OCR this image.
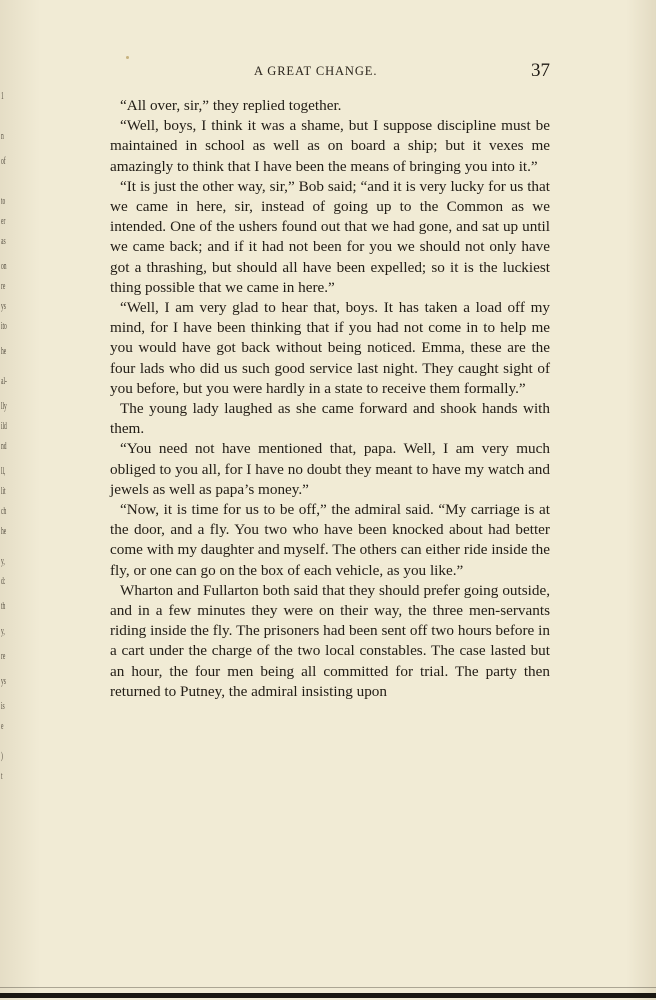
1
n
of
to
er
as
on
re
ys
ito
he
al-
lly
ild
nd
ll,
lit
ch
he
y,
d:
th
y,
re
ys
is
e
)
t
A GREAT CHANGE.	37

“All over, sir,” they replied together.

“Well, boys, I think it was a shame, but I suppose discipline must be maintained in school as well as on board a ship; but it vexes me amazingly to think that I have been the means of bringing you into it.”

“It is just the other way, sir,” Bob said; “and it is very lucky for us that we came in here, sir, instead of going up to the Common as we intended. One of the ushers found out that we had gone, and sat up until we came back; and if it had not been for you we should not only have got a thrashing, but should all have been expelled; so it is the luckiest thing possible that we came in here.”

“Well, I am very glad to hear that, boys. It has taken a load off my mind, for I have been thinking that if you had not come in to help me you would have got back without being noticed. Emma, these are the four lads who did us such good service last night. They caught sight of you before, but you were hardly in a state to receive them formally.”

The young lady laughed as she came forward and shook hands with them.

“You need not have mentioned that, papa. Well, I am very much obliged to you all, for I have no doubt they meant to have my watch and jewels as well as papa’s money.”

“Now, it is time for us to be off,” the admiral said. “My carriage is at the door, and a fly. You two who have been knocked about had better come with my daughter and myself. The others can either ride inside the fly, or one can go on the box of each vehicle, as you like.”

Wharton and Fullarton both said that they should prefer going outside, and in a few minutes they were on their way, the three men-servants riding inside the fly. The prisoners had been sent off two hours before in a cart under the charge of the two local constables. The case lasted but an hour, the four men being all committed for trial. The party then returned to Putney, the admiral insisting upon
